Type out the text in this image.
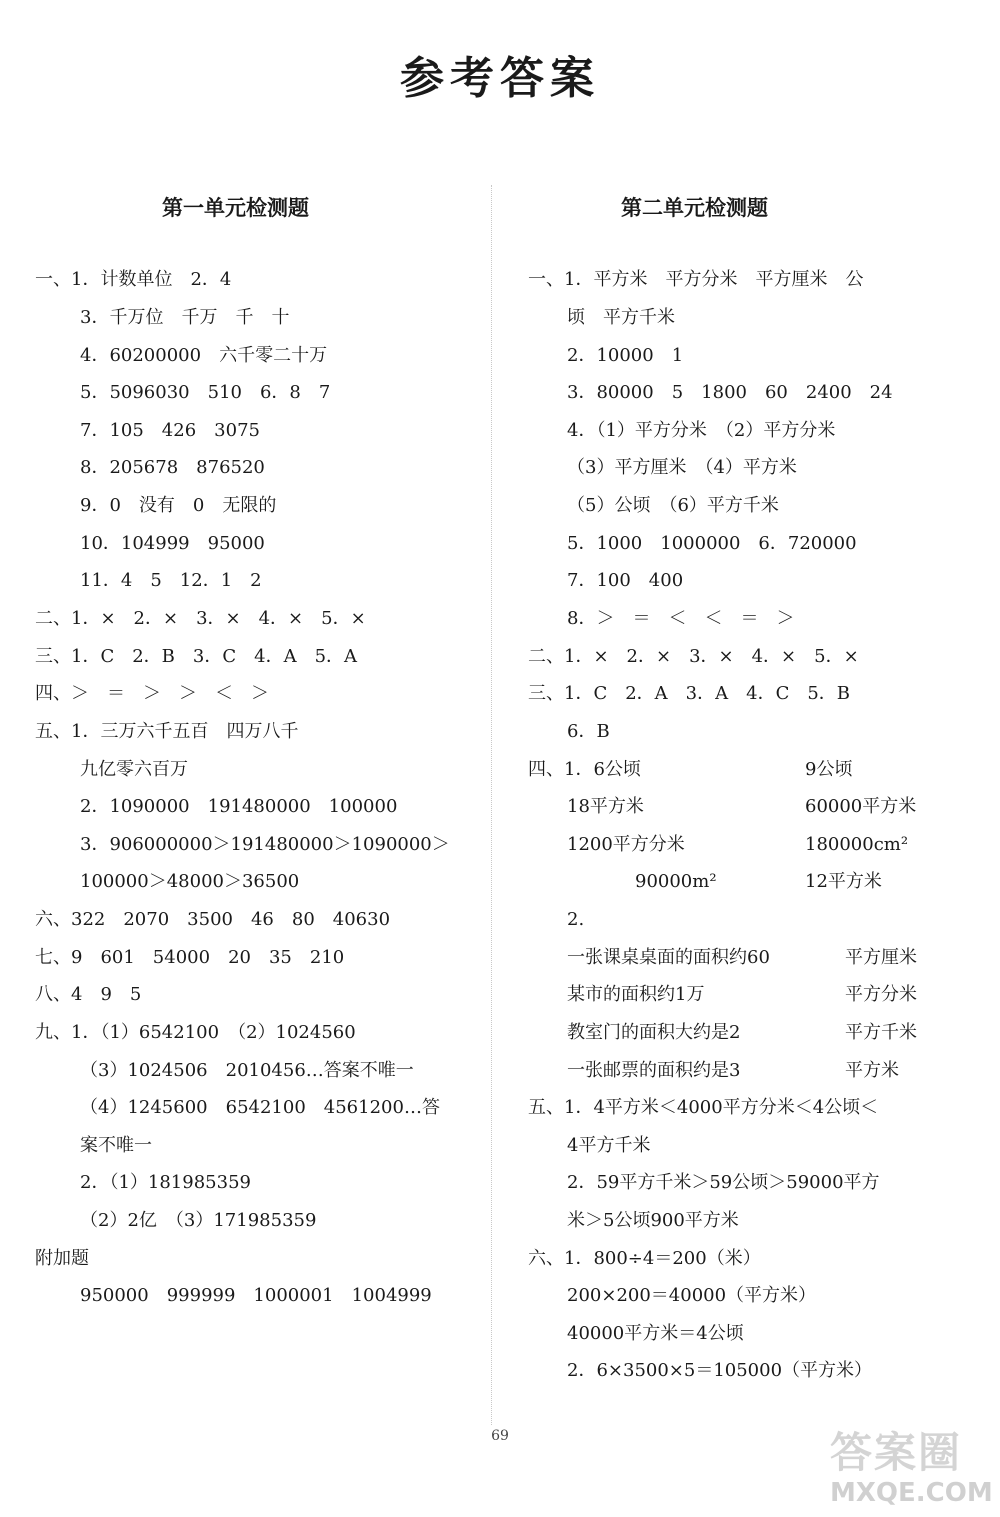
参考答案
第一单元检测题
一、1．计数单位　2．4
3．千万位　千万　千　十
4．60200000　六千零二十万
5．5096030　510　6．8　7
7．105　426　3075
8．205678　876520
9．0　没有　0　无限的
10．104999　95000
11．4　5　12．1　2
二、1．×　2．×　3．×　4．×　5．×
三、1．C　2．B　3．C　4．A　5．A
四、＞　＝　＞　＞　＜　＞
五、1．三万六千五百　四万八千
九亿零六百万
2．1090000　191480000　100000
3．906000000＞191480000＞1090000＞
100000＞48000＞36500
六、322　2070　3500　46　80　40630
七、9　601　54000　20　35　210
八、4　9　5
九、1．（1）6542100　（2）1024560
（3）1024506　2010456…答案不唯一
（4）1245600　6542100　4561200…答
案不唯一
2．（1）181985359
（2）2亿　（3）171985359
附加题
950000　999999　1000001　1004999
第二单元检测题
一、1．平方米　平方分米　平方厘米　公
顷　平方千米
2．10000　1
3．80000　5　1800　60　2400　24
4．（1）平方分米　（2）平方分米
（3）平方厘米　（4）平方米
（5）公顷　（6）平方千米
5．1000　1000000　6．720000
7．100　400
8．＞　＝　＜　＜　＝　＞
二、1．×　2．×　3．×　4．×　5．×
三、1．C　2．A　3．A　4．C　5．B
6．B
四、1．6公顷	9公顷
18平方米	60000平方米
1200平方分米	180000cm²
90000m²	12平方米
2.
一张课桌桌面的面积约60	平方厘米
某市的面积约1万	平方分米
教室门的面积大约是2	平方千米
一张邮票的面积约是3	平方米
五、1．4平方米＜4000平方分米＜4公顷＜
4平方千米
2．59平方千米＞59公顷＞59000平方
米＞5公顷900平方米
六、1．800÷4＝200（米）
200×200＝40000（平方米）
40000平方米＝4公顷
2．6×3500×5＝105000（平方米）
69	答案圈
MXQE.COM
